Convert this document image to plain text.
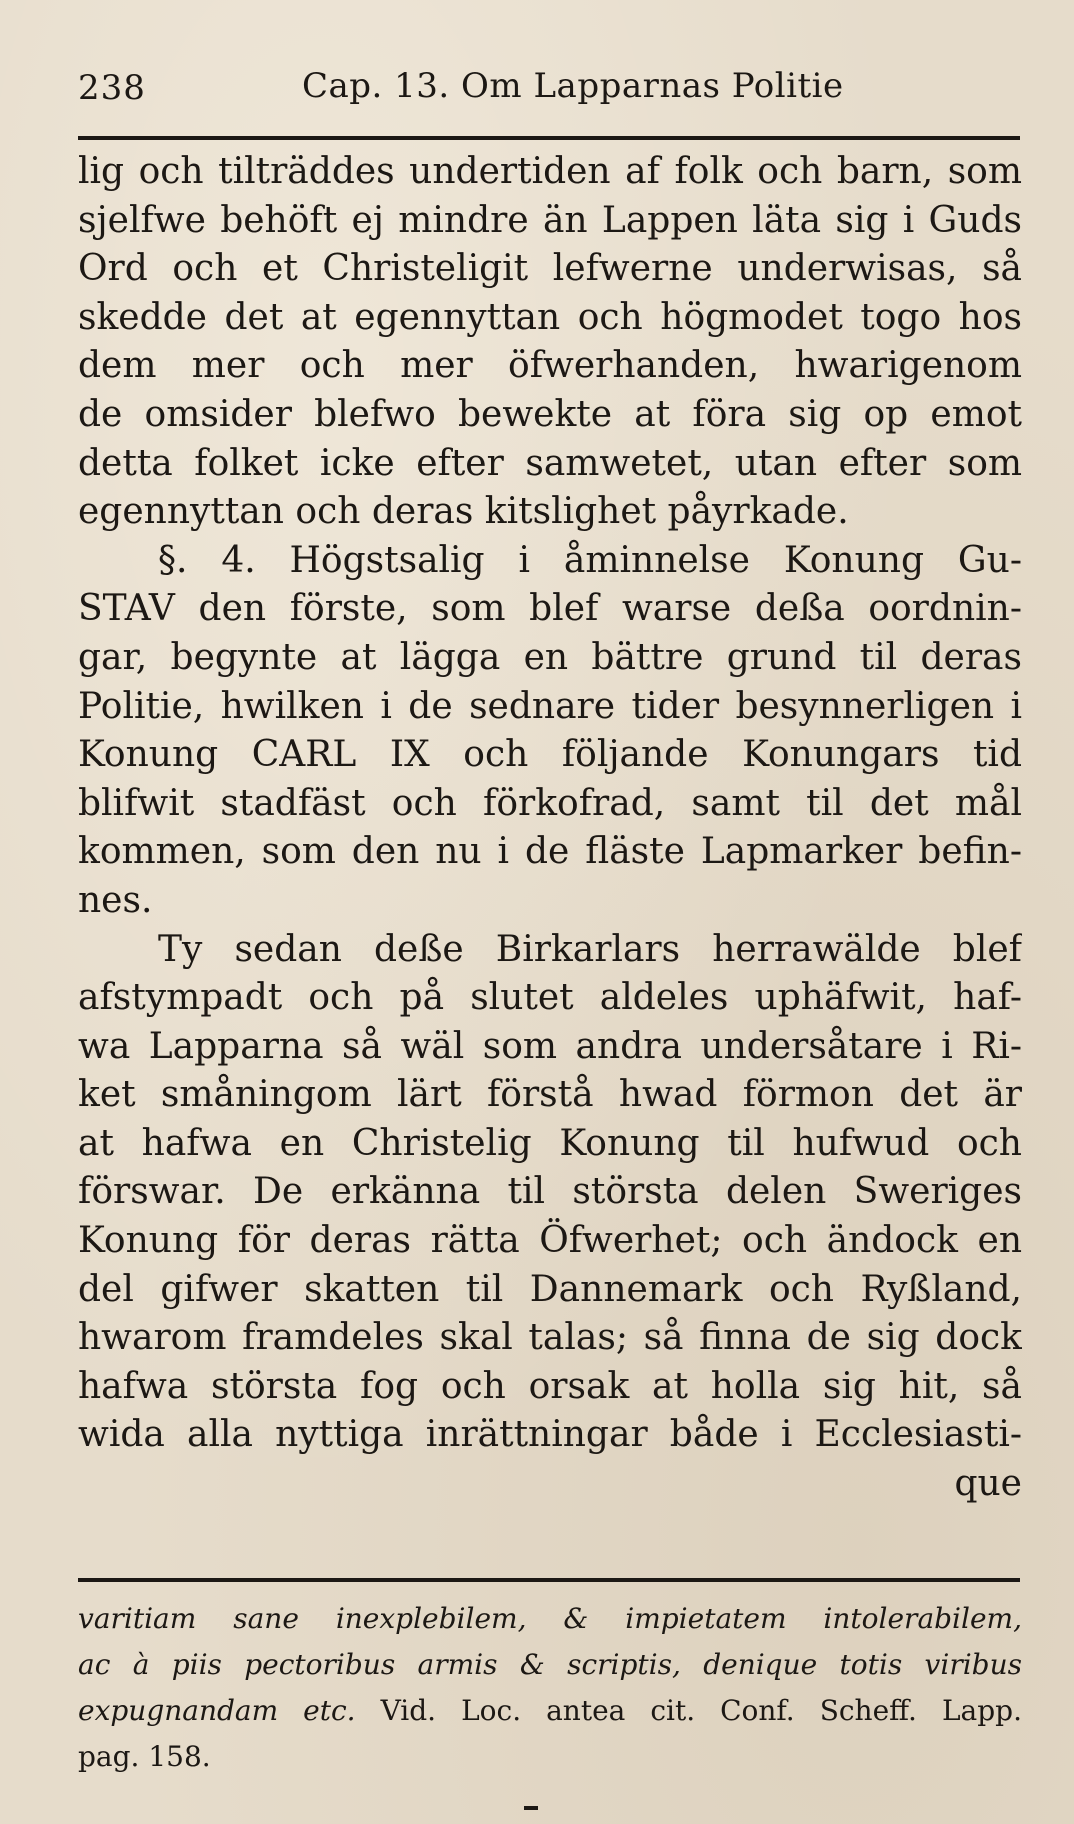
238	Cap. 13. Om Lapparnas Politie
lig och tilträddes undertiden af folk och barn, som
sjelfwe behöft ej mindre än Lappen läta sig i Guds
Ord och et Christeligit lefwerne underwisas, så
skedde det at egennyttan och högmodet togo hos
dem mer och mer öfwerhanden, hwarigenom
de omsider blefwo bewekte at föra sig op emot
detta folket icke efter samwetet, utan efter som
egennyttan och deras kitslighet påyrkade.
§. 4. Högstsalig i åminnelse Konung Gu-
STAV den förste, som blef warse deßa oordnin-
gar, begynte at lägga en bättre grund til deras
Politie, hwilken i de sednare tider besynnerligen i
Konung CARL IX och följande Konungars tid
blifwit stadfäst och förkofrad, samt til det mål
kommen, som den nu i de fläste Lapmarker befin-
nes.
Ty sedan deße Birkarlars herrawälde blef
afstympadt och på slutet aldeles uphäfwit, haf-
wa Lapparna så wäl som andra undersåtare i Ri-
ket småningom lärt förstå hwad förmon det är
at hafwa en Christelig Konung til hufwud och
förswar. De erkänna til största delen Sweriges
Konung för deras rätta Öfwerhet; och ändock en
del gifwer skatten til Dannemark och Ryßland,
hwarom framdeles skal talas; så finna de sig dock
hafwa största fog och orsak at holla sig hit, så
wida alla nyttiga inrättningar både i Ecclesiasti-
que
varitiam sane inexplebilem, & impietatem intolerabilem,
ac à piis pectoribus armis & scriptis, denique totis viribus
expugnandam etc. Vid. Loc. antea cit. Conf. Scheff. Lapp.
pag. 158.
